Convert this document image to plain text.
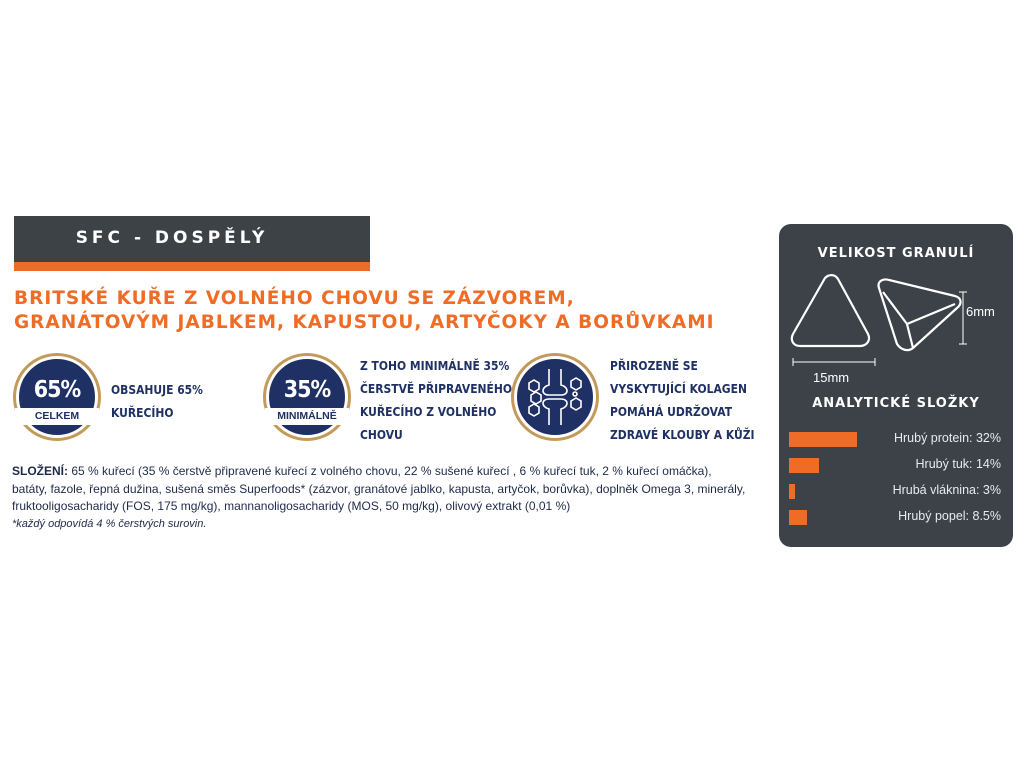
SFC - DOSPĚLÝ
BRITSKÉ KUŘE Z VOLNÉHO CHOVU SE ZÁZVOREM,
GRANÁTOVÝM JABLKEM, KAPUSTOU, ARTYČOKY A BORŮVKAMI
65%
CELKEM
OBSAHUJE 65%
KUŘECÍHO
35%
MINIMÁLNĚ
Z TOHO MINIMÁLNĚ 35%
ČERSTVĚ PŘIPRAVENÉHO
KUŘECÍHO Z VOLNÉHO
CHOVU
PŘIROZENĚ SE
VYSKYTUJÍCÍ KOLAGEN
POMÁHÁ UDRŽOVAT
ZDRAVÉ KLOUBY A KŮŽI
SLOŽENÍ: 65 % kuřecí (35 % čerstvě připravené kuřecí z volného chovu, 22 % sušené kuřecí , 6 % kuřecí tuk, 2 % kuřecí omáčka),
batáty, fazole, řepná dužina, sušená směs Superfoods* (zázvor, granátové jablko, kapusta, artyčok, borůvka), doplněk Omega 3, minerály,
fruktooligosacharidy (FOS, 175 mg/kg), mannanoligosacharidy (MOS, 50 mg/kg), olivový extrakt (0,01 %)
*každý odpovídá 4 % čerstvých surovin.
VELIKOST GRANULÍ
15mm
6mm
ANALYTICKÉ SLOŽKY
Hrubý protein: 32%
Hrubý tuk: 14%
Hrubá vláknina: 3%
Hrubý popel: 8.5%
